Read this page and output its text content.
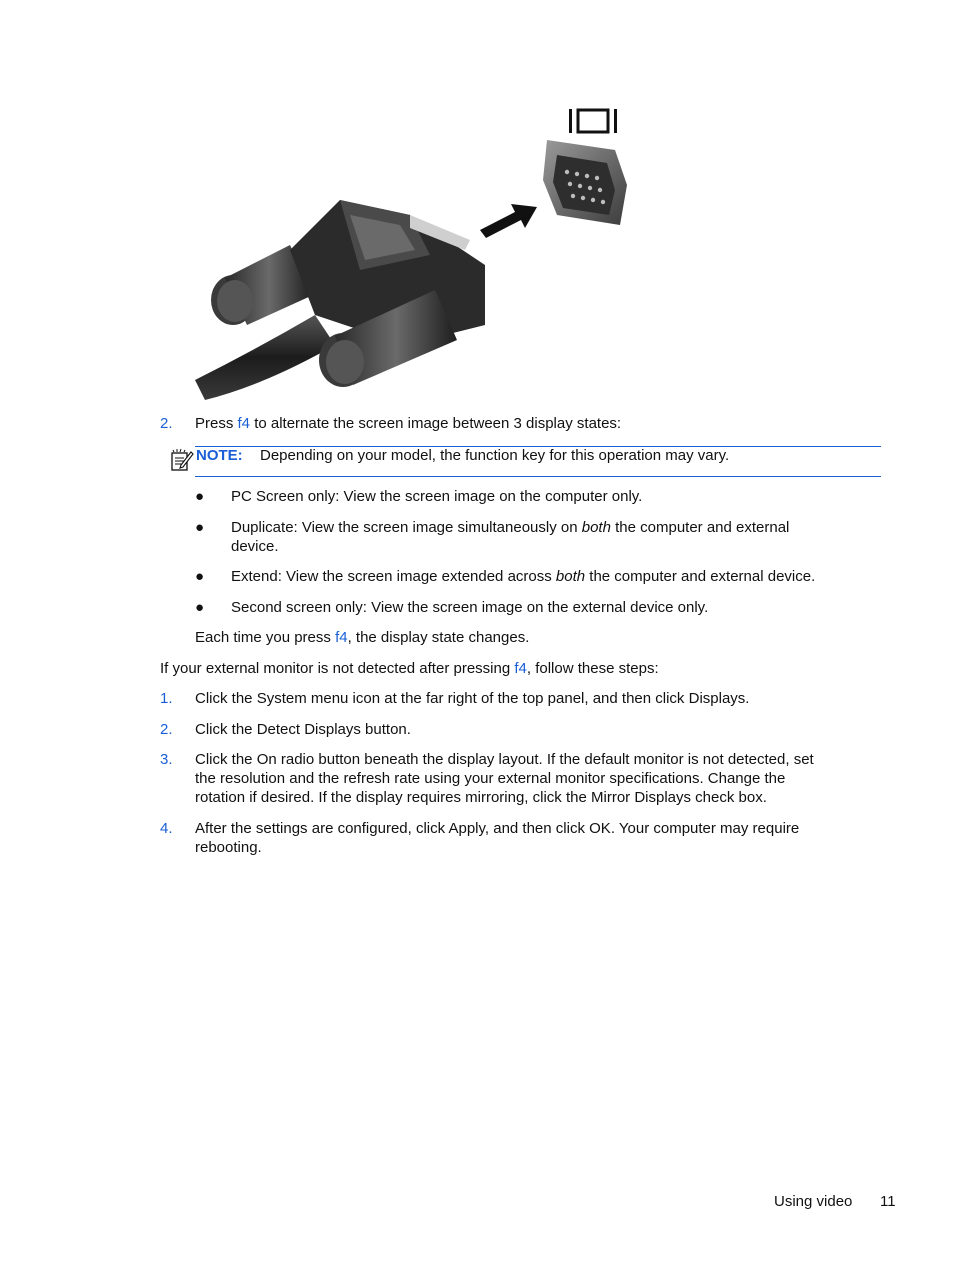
2.	Press f4 to alternate the screen image between 3 display states:
NOTE: Depending on your model, the function key for this operation may vary.
● PC Screen only: View the screen image on the computer only.
● Duplicate: View the screen image simultaneously on both the computer and external
device.
● Extend: View the screen image extended across both the computer and external device.
● Second screen only: View the screen image on the external device only.
Each time you press f4, the display state changes.
If your external monitor is not detected after pressing f4, follow these steps:
1.	Click the System menu icon at the far right of the top panel, and then click Displays.
2.	Click the Detect Displays button.
3.	Click the On radio button beneath the display layout. If the default monitor is not detected, set
the resolution and the refresh rate using your external monitor specifications. Change the
rotation if desired. If the display requires mirroring, click the Mirror Displays check box.
4.	After the settings are configured, click Apply, and then click OK. Your computer may require
rebooting.
Using video 11
